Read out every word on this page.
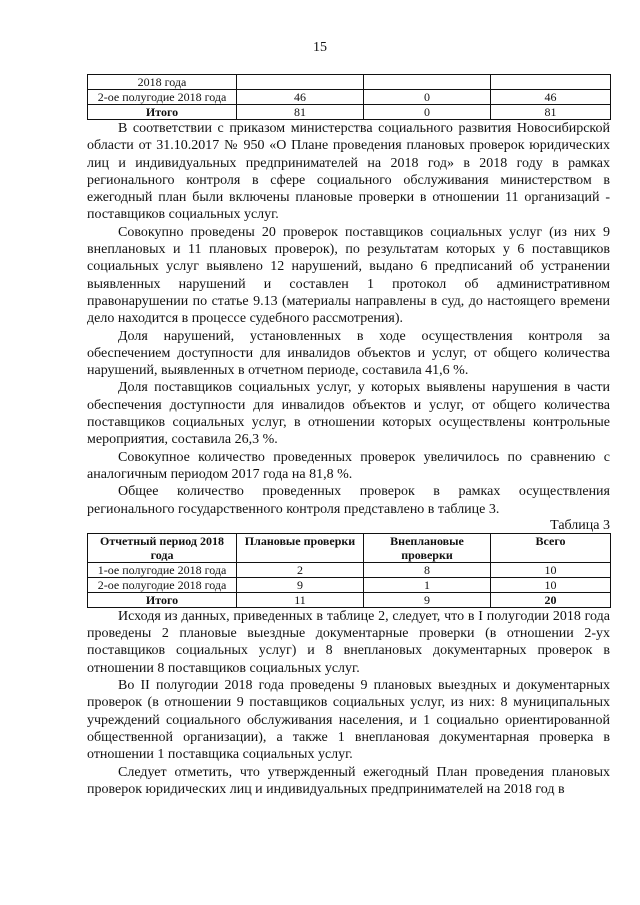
15
2018 года			
2-ое полугодие 2018 года	46	0	46
Итого	81	0	81

В соответствии с приказом министерства социального развития Новосибирской области от 31.10.2017 № 950 «О Плане проведения плановых проверок юридических лиц и индивидуальных предпринимателей на 2018 год» в 2018 году в рамках регионального контроля в сфере социального обслуживания министерством в ежегодный план были включены плановые проверки в отношении 11 организаций - поставщиков социальных услуг.

Совокупно проведены 20 проверок поставщиков социальных услуг (из них 9 внеплановых и 11 плановых проверок), по результатам которых у 6 поставщиков социальных услуг выявлено 12 нарушений, выдано 6 предписаний об устранении выявленных нарушений и составлен 1 протокол об административном правонарушении по статье 9.13 (материалы направлены в суд, до настоящего времени дело находится в процессе судебного рассмотрения).

Доля нарушений, установленных в ходе осуществления контроля за обеспечением доступности для инвалидов объектов и услуг, от общего количества нарушений, выявленных в отчетном периоде, составила 41,6 %.

Доля поставщиков социальных услуг, у которых выявлены нарушения в части обеспечения доступности для инвалидов объектов и услуг, от общего количества поставщиков социальных услуг, в отношении которых осуществлены контрольные мероприятия, составила 26,3 %.

Совокупное количество проведенных проверок увеличилось по сравнению с аналогичным периодом 2017 года на 81,8 %.

Общее количество проведенных проверок в рамках осуществления регионального государственного контроля представлено в таблице 3.

Таблица 3
Отчетный период 2018 года	Плановые проверки	Внеплановые проверки	Всего
1-ое полугодие 2018 года	2	8	10
2-ое полугодие 2018 года	9	1	10
Итого	11	9	20

Исходя из данных, приведенных в таблице 2, следует, что в I полугодии 2018 года проведены 2 плановые выездные документарные проверки (в отношении 2-ух поставщиков социальных услуг) и 8 внеплановых документарных проверок в отношении 8 поставщиков социальных услуг.

Во II полугодии 2018 года проведены 9 плановых выездных и документарных проверок (в отношении 9 поставщиков социальных услуг, из них: 8 муниципальных учреждений социального обслуживания населения, и 1 социально ориентированной общественной организации), а также 1 внеплановая документарная проверка в отношении 1 поставщика социальных услуг.

Следует отметить, что утвержденный ежегодный План проведения плановых проверок юридических лиц и индивидуальных предпринимателей на 2018 год в
